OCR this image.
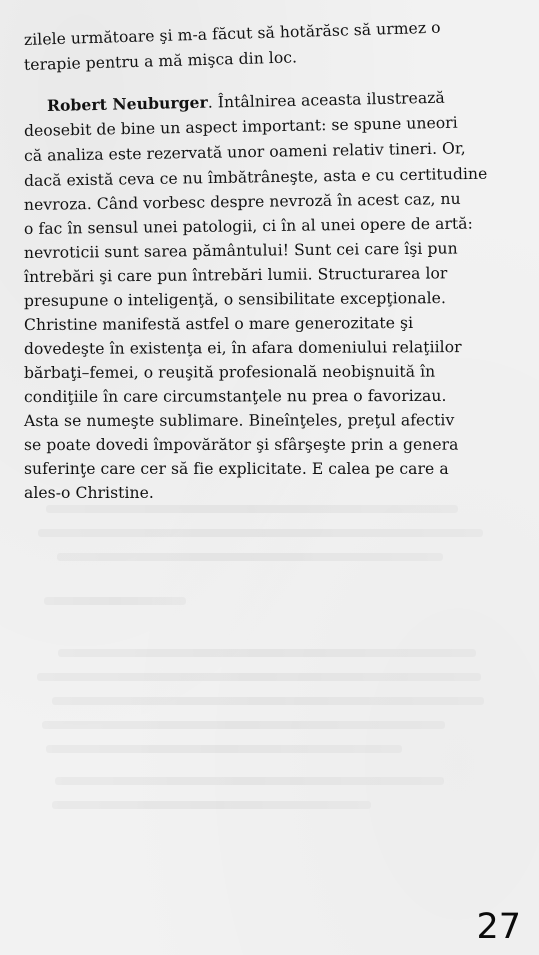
zilele următoare şi m-a făcut să hotărăsc să urmez o
terapie pentru a mă mişca din loc.
Robert Neuburger. Întâlnirea aceasta ilustrează
deosebit de bine un aspect important: se spune uneori
că analiza este rezervată unor oameni relativ tineri. Or,
dacă există ceva ce nu îmbătrâneşte, asta e cu certitudine
nevroza. Când vorbesc despre nevroză în acest caz, nu
o fac în sensul unei patologii, ci în al unei opere de artă:
nevroticii sunt sarea pământului! Sunt cei care îşi pun
întrebări şi care pun întrebări lumii. Structurarea lor
presupune o inteligenţă, o sensibilitate excepţionale.
Christine manifestă astfel o mare generozitate şi
dovedeşte în existenţa ei, în afara domeniului relaţiilor
bărbaţi–femei, o reuşită profesională neobişnuită în
condiţiile în care circumstanţele nu prea o favorizau.
Asta se numeşte sublimare. Bineînţeles, preţul afectiv
se poate dovedi împovărător şi sfârşeşte prin a genera
suferinţe care cer să fie explicitate. E calea pe care a
ales-o Christine.
27
